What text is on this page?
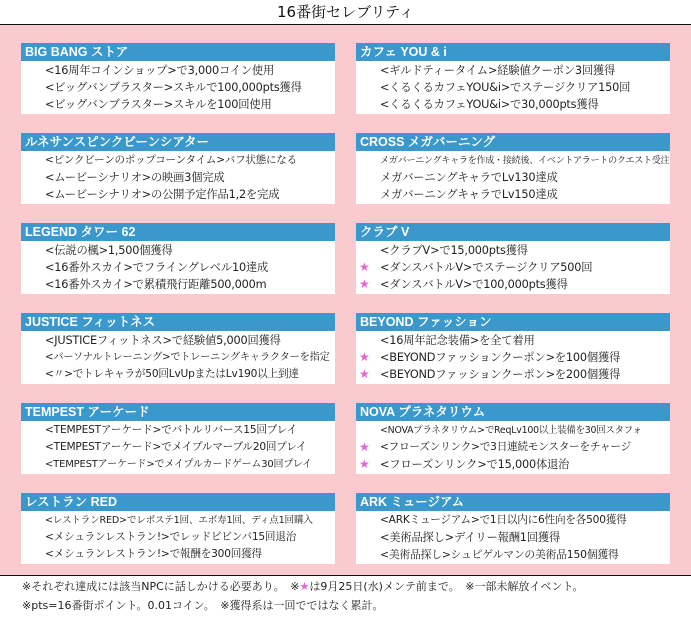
16番街セレブリティ
BIG BANG ストア
<16周年コインショップ>で3,000コイン使用
<ビッグバンブラスター>スキルで100,000pts獲得
<ビッグバンブラスター>スキルを100回使用
カフェ YOU & i
<ギルドティータイム>経験値クーポン3回獲得
<くるくるカフェYOU&i>でステージクリア150回
<くるくるカフェYOU&i>で30,000pts獲得
ルネサンスピンクビーンシアター
<ピンクビーンのポップコーンタイム>バフ状態になる
<ムービーシナリオ>の映画3個完成
<ムービーシナリオ>の公開予定作品1,2を完成
CROSS メガバーニング
メガバーニングキャラを作成・接続後、イベントアラートのクエスト受注
メガバーニングキャラでLv130達成
メガバーニングキャラでLv150達成
LEGEND タワー 62
<伝説の楓>1,500個獲得
<16番外スカイ>でフライングレベル10達成
<16番外スカイ>で累積飛行距離500,000m
クラブ V
<クラブV>で15,000pts獲得
★ <ダンスバトルV>でステージクリア500回
★ <ダンスバトルV>で100,000pts獲得
JUSTICE フィットネス
<JUSTICEフィットネス>で経験値5,000回獲得
<パーソナルトレーニング>でトレーニングキャラクターを指定
<〃>でトレキャラが50回LvUpまたはLv190以上到達
BEYOND ファッション
<16周年記念装備>を全て着用
★ <BEYONDファッションクーポン>を100個獲得
★ <BEYONDファッションクーポン>を200個獲得
TEMPEST アーケード
<TEMPESTアーケード>でバトルリバース15回プレイ
<TEMPESTアーケード>でメイプルマーブル20回プレイ
<TEMPESTアーケード>でメイプルカードゲーム30回プレイ
NOVA プラネタリウム
<NOVAプラネタリウム>でReqLv100以上装備を30回スタフォ
★ <フローズンリンク>で3日連続モンスターをチャージ
★ <フローズンリンク>で15,000体退治
レストラン RED
<レストランRED>でレボステ1回、エボ寿1回、ディ点1回購入
<メシュランレストラン!>でレッドビビンバ15回退治
<メシュランレストラン!>で報酬を300回獲得
ARK ミュージアム
<ARKミュージアム>で1日以内に6性向を各500獲得
<美術品探し>デイリー報酬1回獲得
<美術品探し>シュピゲルマンの美術品150個獲得
※それぞれ達成には該当NPCに話しかける必要あり。　※★は9月25日(水)メンテ前まで。　※一部未解放イベント。
※pts=16番街ポイント。0.01コイン。　※獲得系は一回でではなく累計。
